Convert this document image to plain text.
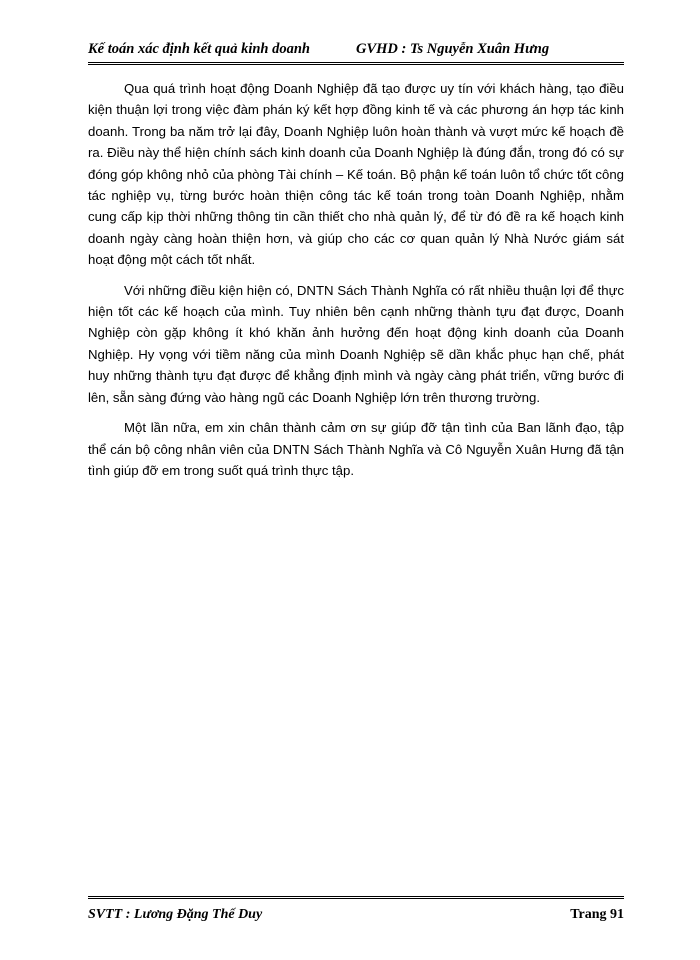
Kế toán xác định kết quả kinh doanh	GVHD : Ts Nguyễn Xuân Hưng

Qua quá trình hoạt động Doanh Nghiệp đã tạo được uy tín với khách hàng, tạo điều kiện thuận lợi trong việc đàm phán ký kết hợp đồng kinh tế và các phương án hợp tác kinh doanh. Trong ba năm trở lại đây, Doanh Nghiệp luôn hoàn thành và vượt mức kế hoạch đề ra. Điều này thể hiện chính sách kinh doanh của Doanh Nghiệp là đúng đắn, trong đó có sự đóng góp không nhỏ của phòng Tài chính – Kế toán. Bộ phận kế toán luôn tổ chức tốt công tác nghiệp vụ, từng bước hoàn thiện công tác kế toán trong toàn Doanh Nghiệp, nhằm cung cấp kịp thời những thông tin cần thiết cho nhà quản lý, để từ đó đề ra kế hoạch kinh doanh ngày càng hoàn thiện hơn, và giúp cho các cơ quan quản lý Nhà Nước giám sát hoạt động một cách tốt nhất.

Với những điều kiện hiện có, DNTN Sách Thành Nghĩa có rất nhiều thuận lợi để thực hiện tốt các kế hoạch của mình. Tuy nhiên bên cạnh những thành tựu đạt được, Doanh Nghiệp còn gặp không ít khó khăn ảnh hưởng đến hoạt động kinh doanh của Doanh Nghiệp. Hy vọng với tiềm năng của mình Doanh Nghiệp sẽ dần khắc phục hạn chế, phát huy những thành tựu đạt được để khẳng định mình và ngày càng phát triển, vững bước đi lên, sẵn sàng đứng vào hàng ngũ các Doanh Nghiệp lớn trên thương trường.

Một lần nữa, em xin chân thành cảm ơn sự giúp đỡ tận tình của Ban lãnh đạo, tập thể cán bộ công nhân viên của DNTN Sách Thành Nghĩa và Cô Nguyễn Xuân Hưng đã tận tình giúp đỡ em trong suốt quá trình thực tập.

SVTT : Lương Đặng Thế Duy	Trang 91
